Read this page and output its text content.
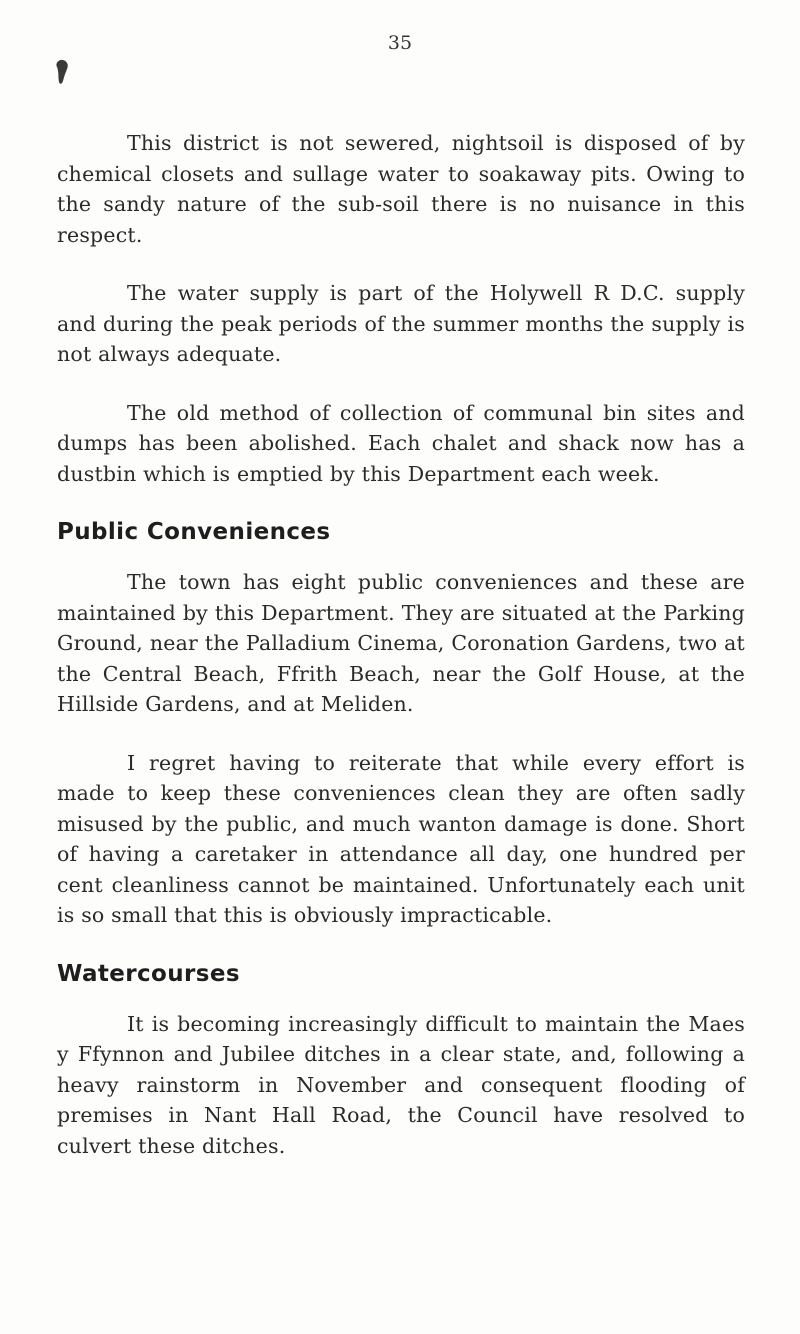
35

This district is not sewered, nightsoil is disposed of by chemical closets and sullage water to soakaway pits. Owing to the sandy nature of the sub-soil there is no nuisance in this respect.

The water supply is part of the Holywell R D.C. supply and during the peak periods of the summer months the supply is not always adequate.

The old method of collection of communal bin sites and dumps has been abolished. Each chalet and shack now has a dustbin which is emptied by this Department each week.

Public Conveniences

The town has eight public conveniences and these are maintained by this Department. They are situated at the Parking Ground, near the Palladium Cinema, Coronation Gardens, two at the Central Beach, Ffrith Beach, near the Golf House, at the Hillside Gardens, and at Meliden.

I regret having to reiterate that while every effort is made to keep these conveniences clean they are often sadly misused by the public, and much wanton damage is done. Short of having a caretaker in attendance all day, one hundred per cent cleanliness cannot be maintained. Unfortunately each unit is so small that this is obviously impracticable.

Watercourses

It is becoming increasingly difficult to maintain the Maes y Ffynnon and Jubilee ditches in a clear state, and, following a heavy rainstorm in November and consequent flooding of premises in Nant Hall Road, the Council have resolved to culvert these ditches.
